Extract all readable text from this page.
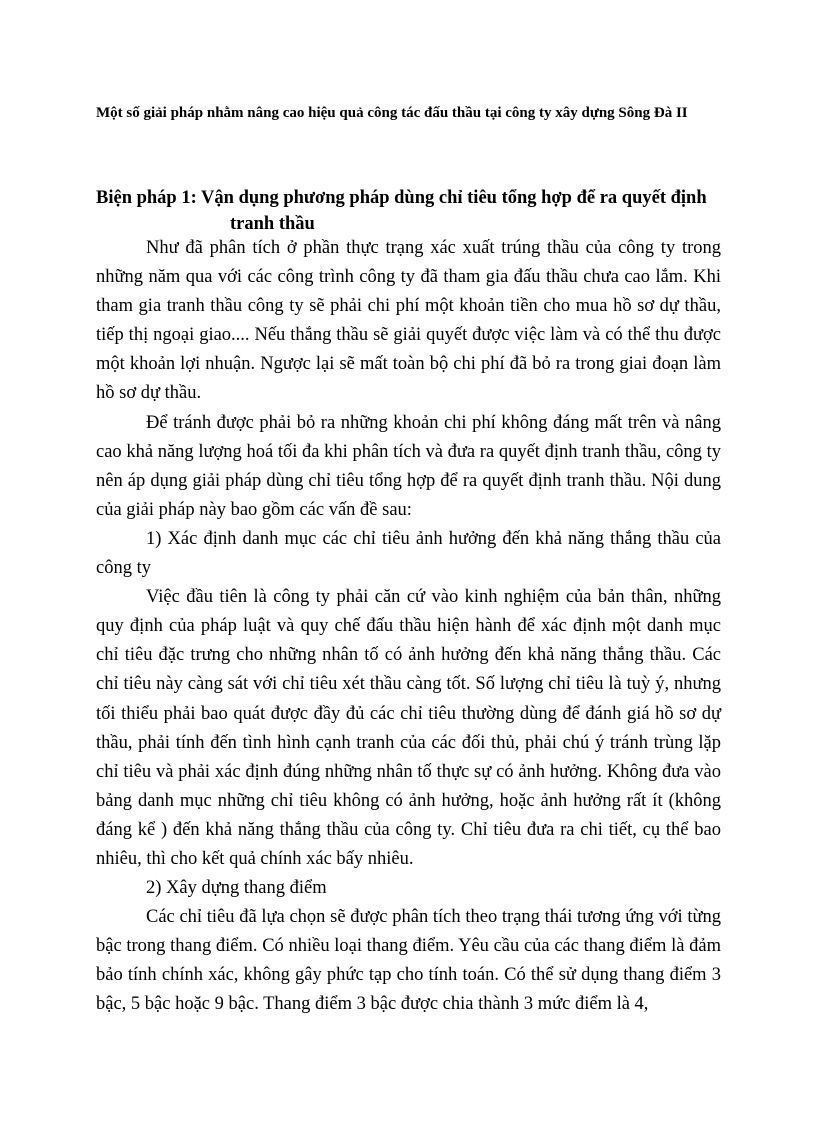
Một số giải pháp nhằm nâng cao hiệu quả công tác đấu thầu tại công ty xây dựng Sông Đà II
Biện pháp 1: Vận dụng phương pháp dùng chỉ tiêu tổng hợp để ra quyết định
tranh thầu

Như đã phân tích ở phần thực trạng xác xuất trúng thầu của công ty trong những năm qua với các công trình công ty đã tham gia đấu thầu chưa cao lắm. Khi tham gia tranh thầu công ty sẽ phải chi phí một khoản tiền cho mua hồ sơ dự thầu, tiếp thị ngoại giao.... Nếu thắng thầu sẽ giải quyết được việc làm và có thể thu được một khoản lợi nhuận. Ngược lại sẽ mất toàn bộ chi phí đã bỏ ra trong giai đoạn làm hồ sơ dự thầu.

Để tránh được phải bỏ ra những khoản chi phí không đáng mất trên và nâng cao khả năng lượng hoá tối đa khi phân tích và đưa ra quyết định tranh thầu, công ty nên áp dụng giải pháp dùng chỉ tiêu tổng hợp để ra quyết định tranh thầu. Nội dung của giải pháp này bao gồm các vấn đề sau:

1) Xác định danh mục các chỉ tiêu ảnh hưởng đến khả năng thắng thầu của công ty

Việc đầu tiên là công ty phải căn cứ vào kinh nghiệm của bản thân, những quy định của pháp luật và quy chế đấu thầu hiện hành để xác định một danh mục chỉ tiêu đặc trưng cho những nhân tố có ảnh hưởng đến khả năng thắng thầu. Các chỉ tiêu này càng sát với chỉ tiêu xét thầu càng tốt. Số lượng chỉ tiêu là tuỳ ý, nhưng tối thiểu phải bao quát được đầy đủ các chỉ tiêu thường dùng để đánh giá hồ sơ dự thầu, phải tính đến tình hình cạnh tranh của các đối thủ, phải chú ý tránh trùng lặp chỉ tiêu và phải xác định đúng những nhân tố thực sự có ảnh hưởng. Không đưa vào bảng danh mục những chỉ tiêu không có ảnh hưởng, hoặc ảnh hưởng rất ít (không đáng kể ) đến khả năng thắng thầu của công ty. Chỉ tiêu đưa ra chi tiết, cụ thể bao nhiêu, thì cho kết quả chính xác bấy nhiêu.

2) Xây dựng thang điểm

Các chỉ tiêu đã lựa chọn sẽ được phân tích theo trạng thái tương ứng với từng bậc trong thang điểm. Có nhiều loại thang điểm. Yêu cầu của các thang điểm là đảm bảo tính chính xác, không gây phức tạp cho tính toán. Có thể sử dụng thang điểm 3 bậc, 5 bậc hoặc 9 bậc. Thang điểm 3 bậc được chia thành 3 mức điểm là 4,
